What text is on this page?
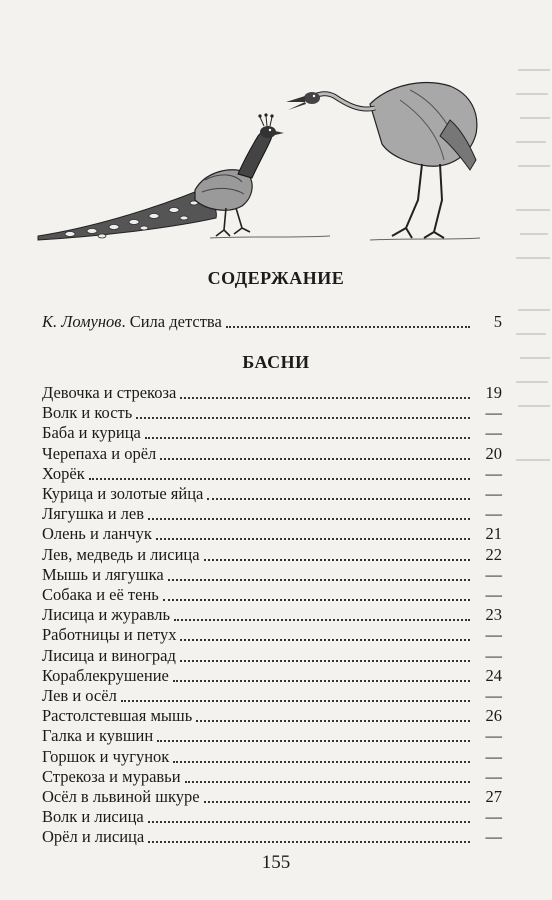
СОДЕРЖАНИЕ
К. Ломунов. Сила детства	5
БАСНИ
Девочка и стрекоза	19
Волк и кость	—
Баба и курица	—
Черепаха и орёл	20
Хорёк	—
Курица и золотые яйца	—
Лягушка и лев	—
Олень и ланчук	21
Лев, медведь и лисица	22
Мышь и лягушка	—
Собака и её тень	—
Лисица и журавль	23
Работницы и петух	—
Лисица и виноград	—
Кораблекрушение	24
Лев и осёл	—
Растолстевшая мышь	26
Галка и кувшин	—
Горшок и чугунок	—
Стрекоза и муравьи	—
Осёл в львиной шкуре	27
Волк и лисица	—
Орёл и лисица	—
155
